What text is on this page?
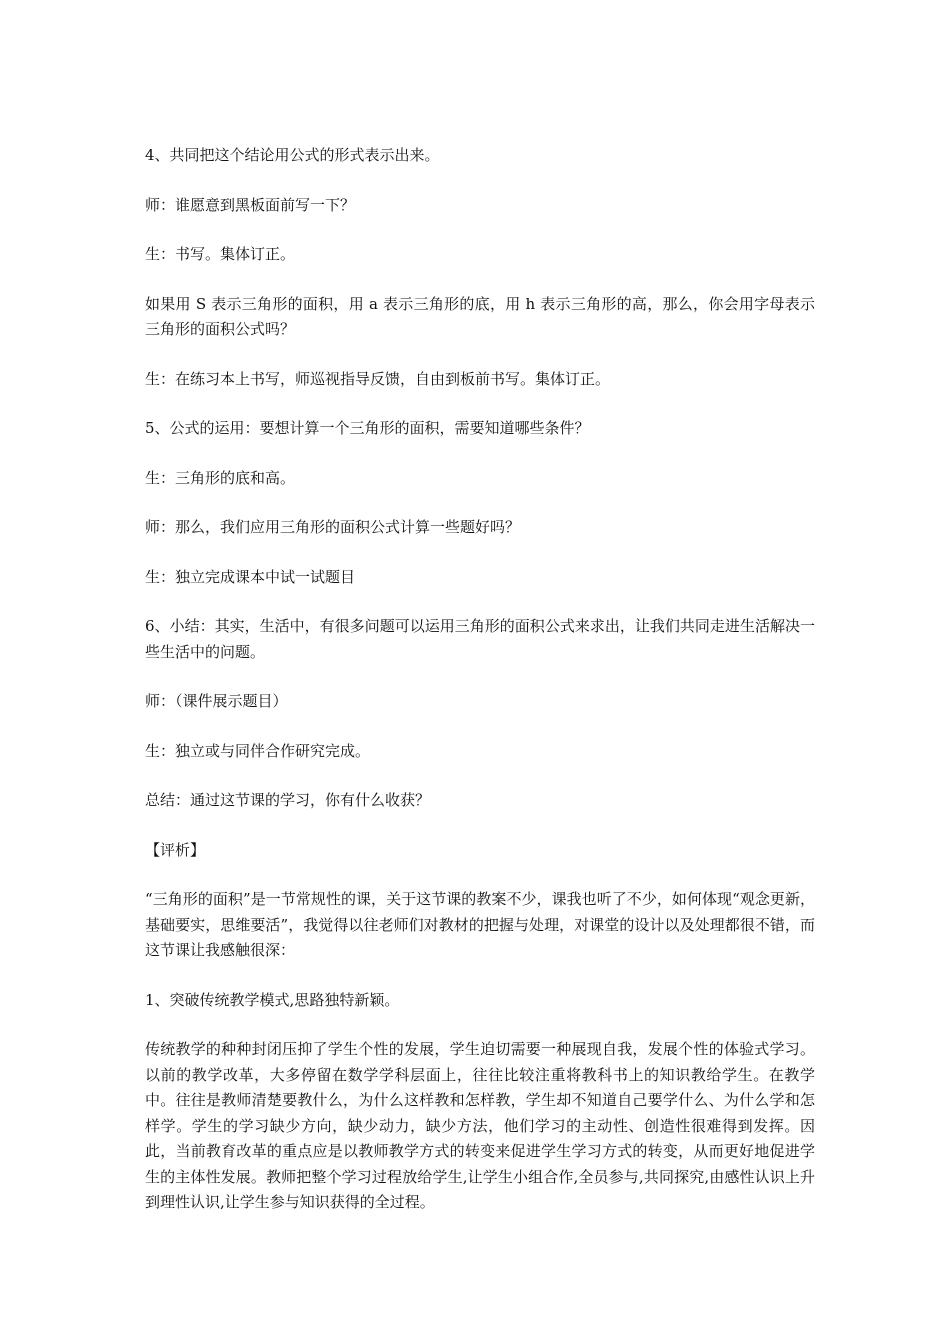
4、共同把这个结论用公式的形式表示出来。

师：谁愿意到黑板面前写一下？

生：书写。集体订正。

如果用 S 表示三角形的面积，用 a 表示三角形的底，用 h 表示三角形的高，那么，你会用字母表示三角形的面积公式吗？

生：在练习本上书写，师巡视指导反馈，自由到板前书写。集体订正。

5、公式的运用：要想计算一个三角形的面积，需要知道哪些条件？

生：三角形的底和高。

师：那么，我们应用三角形的面积公式计算一些题好吗？

生：独立完成课本中试一试题目

6、小结：其实，生活中，有很多问题可以运用三角形的面积公式来求出，让我们共同走进生活解决一些生活中的问题。

师：（课件展示题目）

生：独立或与同伴合作研究完成。

总结：通过这节课的学习，你有什么收获？

【评析】

“三角形的面积”是一节常规性的课，关于这节课的教案不少，课我也听了不少，如何体现“观念更新，基础要实，思维要活”，我觉得以往老师们对教材的把握与处理，对课堂的设计以及处理都很不错，而这节课让我感触很深：

1、突破传统教学模式,思路独特新颖。

传统教学的种种封闭压抑了学生个性的发展，学生迫切需要一种展现自我，发展个性的体验式学习。以前的教学改革，大多停留在数学学科层面上，往往比较注重将教科书上的知识教给学生。在教学中。往往是教师清楚要教什么，为什么这样教和怎样教，学生却不知道自己要学什么、为什么学和怎样学。学生的学习缺少方向，缺少动力，缺少方法，他们学习的主动性、创造性很难得到发挥。因此，当前教育改革的重点应是以教师教学方式的转变来促进学生学习方式的转变，从而更好地促进学生的主体性发展。教师把整个学习过程放给学生,让学生小组合作,全员参与,共同探究,由感性认识上升到理性认识,让学生参与知识获得的全过程。
